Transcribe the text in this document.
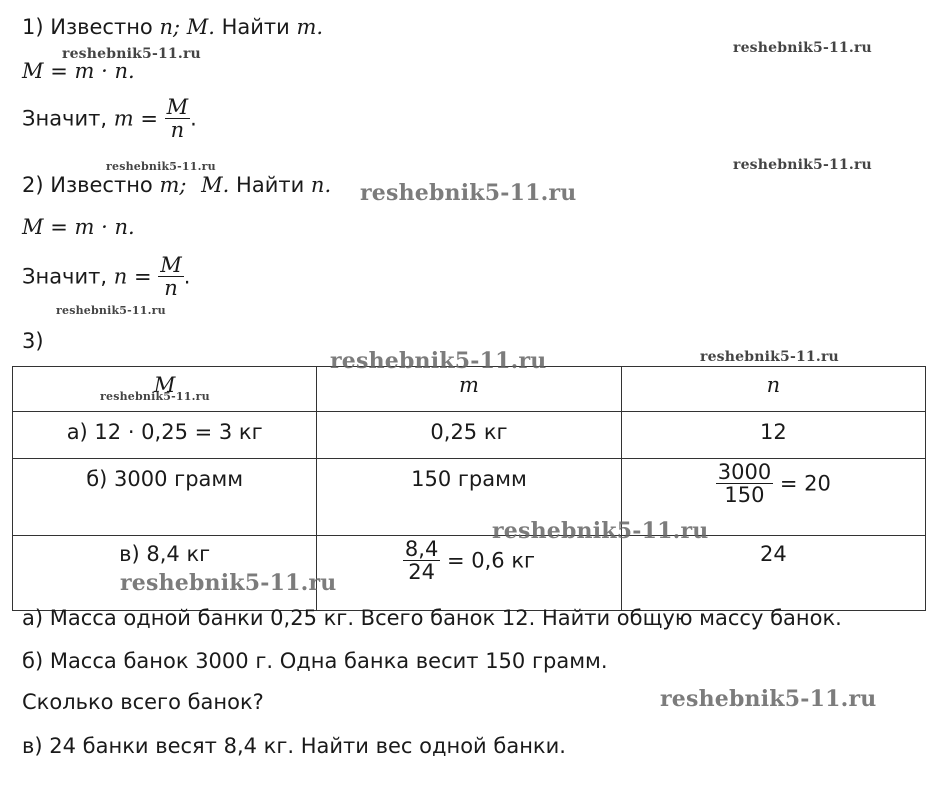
1) Известно n; M. Найти m.
M = m · n.
Значит, $m = \frac{M}{n}$ .
2) Известно m; M. Найти n.
M = m · n.
Значит, $n = \frac{M}{n}$ .
3)
M	m	n
а) 12 · 0,25 = 3 кг	0,25 кг	12
б) 3000 грамм	150 грамм	$\frac{3000}{150} = 20$
в) 8,4 кг	$\frac{8,4}{24} = 0,6$ кг	24
а) Масса одной банки 0,25 кг. Всего банок 12. Найти общую массу банок.
б) Масса банок 3000 г. Одна банка весит 150 грамм.
Сколько всего банок?
в) 24 банки весят 8,4 кг. Найти вес одной банки.
reshebnik5-11.ru	reshebnik5-11.ru
reshebnik5-11.ru	reshebnik5-11.ru
reshebnik5-11.ru
reshebnik5-11.ru
reshebnik5-11.ru	reshebnik5-11.ru
reshebnik5-11.ru
reshebnik5-11.ru
reshebnik5-11.ru
reshebnik5-11.ru
